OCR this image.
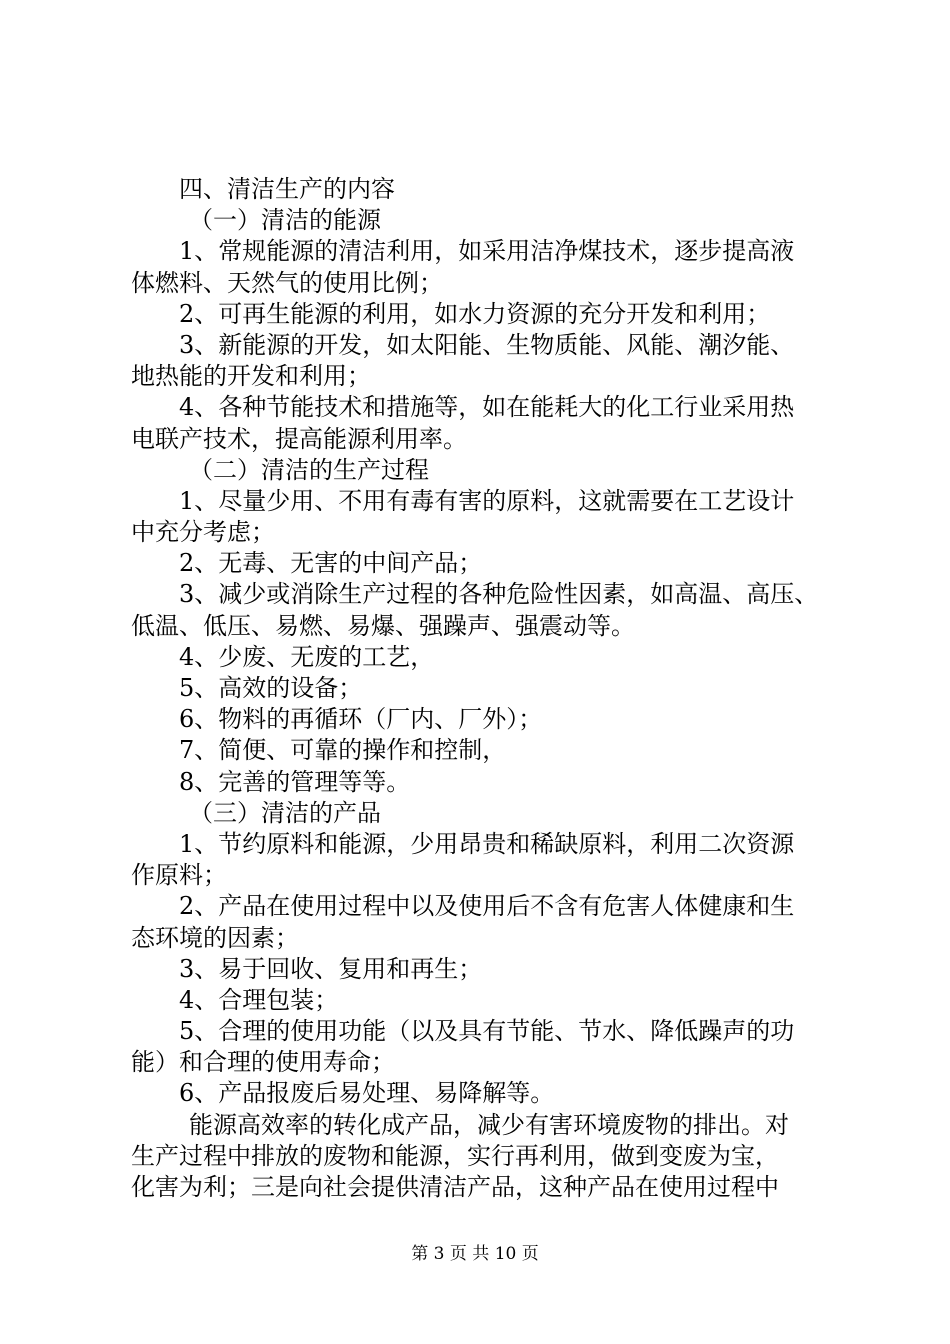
四、清洁生产的内容
（一）清洁的能源
1、常规能源的清洁利用，如采用洁净煤技术，逐步提高液
体燃料、天然气的使用比例；
2、可再生能源的利用，如水力资源的充分开发和利用；
3、新能源的开发，如太阳能、生物质能、风能、潮汐能、
地热能的开发和利用；
4、各种节能技术和措施等，如在能耗大的化工行业采用热
电联产技术，提高能源利用率。
（二）清洁的生产过程
1、尽量少用、不用有毒有害的原料，这就需要在工艺设计
中充分考虑；
2、无毒、无害的中间产品；
3、减少或消除生产过程的各种危险性因素，如高温、高压、
低温、低压、易燃、易爆、强躁声、强震动等。
4、少废、无废的工艺，
5、高效的设备；
6、物料的再循环（厂内、厂外）；
7、简便、可靠的操作和控制，
8、完善的管理等等。
（三）清洁的产品
1、节约原料和能源，少用昂贵和稀缺原料，利用二次资源
作原料；
2、产品在使用过程中以及使用后不含有危害人体健康和生
态环境的因素；
3、易于回收、复用和再生；
4、合理包装；
5、合理的使用功能（以及具有节能、节水、降低躁声的功
能）和合理的使用寿命；
6、产品报废后易处理、易降解等。
能源高效率的转化成产品，减少有害环境废物的排出。对
生产过程中排放的废物和能源，实行再利用，做到变废为宝，
化害为利；三是向社会提供清洁产品，这种产品在使用过程中
第 3 页 共 10 页
